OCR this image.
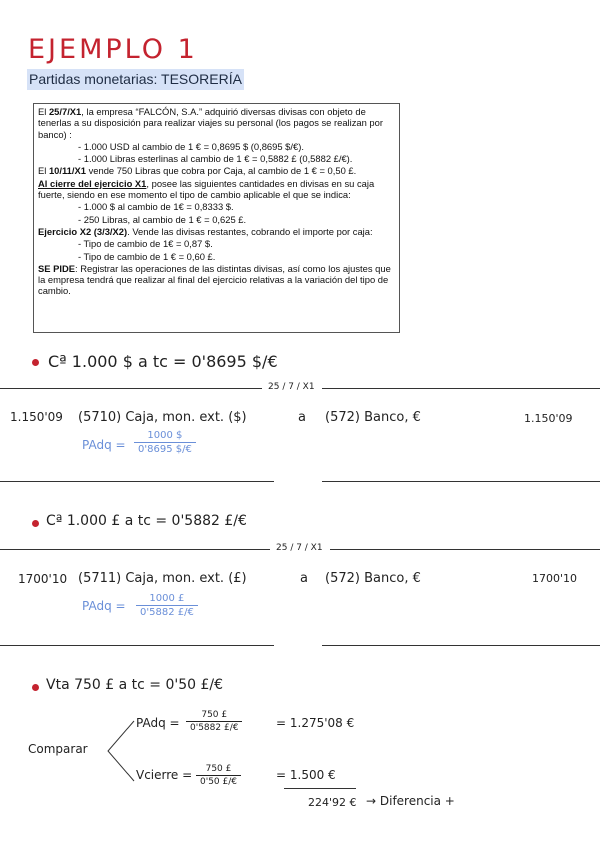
EJEMPLO 1
Partidas monetarias: TESORERÍA

El 25/7/X1, la empresa “FALCÓN, S.A.” adquirió diversas divisas con objeto de tenerlas a su disposición para realizar viajes su personal (los pagos se realizan por banco) :

- 1.000 USD al cambio de 1 € = 0,8695 $ (0,8695 $/€).

- 1.000 Libras esterlinas al cambio de 1 € = 0,5882 £ (0,5882 £/€).

El 10/11/X1 vende 750 Libras que cobra por Caja, al cambio de 1 € = 0,50 £.

Al cierre del ejercicio X1, posee las siguientes cantidades en divisas en su caja fuerte, siendo en ese momento el tipo de cambio aplicable el que se indica:

- 1.000 $ al cambio de 1€ = 0,8333 $.

- 250 Libras, al cambio de 1 € = 0,625 £.

Ejercicio X2 (3/3/X2). Vende las divisas restantes, cobrando el importe por caja:

- Tipo de cambio de 1€ = 0,87 $.

- Tipo de cambio de 1 € = 0,60 £.

SE PIDE: Registrar las operaciones de las distintas divisas, así como los ajustes que la empresa tendrá que realizar al final del ejercicio relativas a la variación del tipo de cambio.

Cª 1.000 $ a tc = 0'8695 $/€
25 / 7 / X1
1.150'09 (5710) Caja, mon. ext. ($)	a (572) Banco, €	1.150'09
PAdq = $\frac{1000 \$}{0'8695 \$/€}$
Cª 1.000 £ a tc = 0'5882 £/€
25 / 7 / X1
1700'10 (5711) Caja, mon. ext. (£)	a (572) Banco, €	1700'10
PAdq = $\frac{1000 £}{0'5882 £/€}$
Vta 750 £ a tc = 0'50 £/€
Comparar
PAdq = $\frac{750 £}{0'5882 £/€}$	= 1.275'08 €
Vcierre = $\frac{750 £}{0'50 £/€}$	= 1.500 €
224'92 € → Diferencia +
